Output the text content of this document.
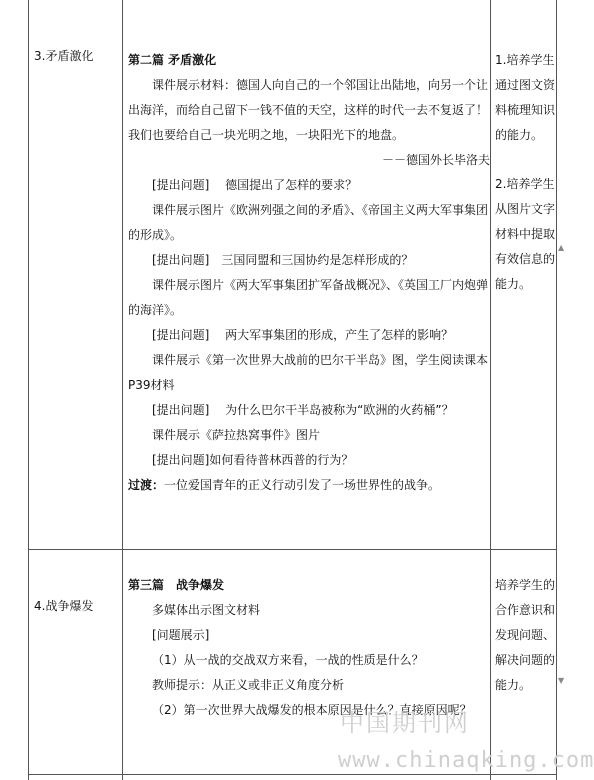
3.矛盾激化	第二篇 矛盾激化

课件展示材料：德国人向自己的一个邻国让出陆地，向另一个让出海洋，而给自己留下一钱不值的天空，这样的时代一去不复返了！我们也要给自己一块光明之地，一块阳光下的地盘。

－－德国外长毕洛夫

[提出问题]　 德国提出了怎样的要求？

课件展示图片《欧洲列强之间的矛盾》、《帝国主义两大军事集团的形成》。

[提出问题]　三国同盟和三国协约是怎样形成的？

课件展示图片《两大军事集团扩军备战概况》、《英国工厂内炮弹的海洋》。

[提出问题]　 两大军事集团的形成，产生了怎样的影响？

课件展示《第一次世界大战前的巴尔干半岛》图，学生阅读课本P39材料

[提出问题]　 为什么巴尔干半岛被称为“欧洲的火药桶”？

课件展示《萨拉热窝事件》图片

[提出问题]如何看待普林西普的行为？

过渡：一位爱国青年的正义行动引发了一场世界性的战争。

1.培养学生通过图文资料梳理知识的能力。

2.培养学生从图片文字材料中提取有效信息的能力。

4.战争爆发

第三篇　战争爆发

多媒体出示图文材料

[问题展示]

（1）从一战的交战双方来看，一战的性质是什么？

教师提示：从正义或非正义角度分析

（2）第一次世界大战爆发的根本原因是什么？直接原因呢？

培养学生的合作意识和发现问题、解决问题的能力。

▲
▼
中国期刊网
www.chinaqking.com
